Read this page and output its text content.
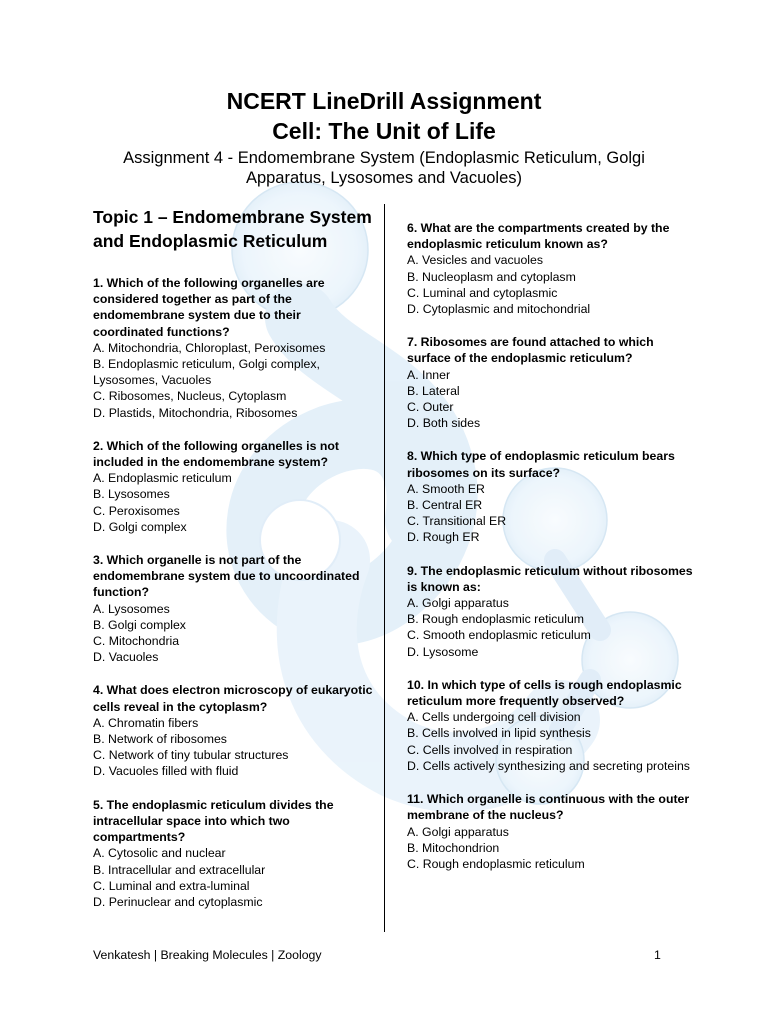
NCERT LineDrill Assignment
Cell: The Unit of Life
Assignment 4 - Endomembrane System (Endoplasmic Reticulum, Golgi Apparatus, Lysosomes and Vacuoles)
Topic 1 – Endomembrane System and Endoplasmic Reticulum
1. Which of the following organelles are considered together as part of the endomembrane system due to their coordinated functions?
A. Mitochondria, Chloroplast, Peroxisomes
B. Endoplasmic reticulum, Golgi complex, Lysosomes, Vacuoles
C. Ribosomes, Nucleus, Cytoplasm
D. Plastids, Mitochondria, Ribosomes
2. Which of the following organelles is not included in the endomembrane system?
A. Endoplasmic reticulum
B. Lysosomes
C. Peroxisomes
D. Golgi complex
3. Which organelle is not part of the endomembrane system due to uncoordinated function?
A. Lysosomes
B. Golgi complex
C. Mitochondria
D. Vacuoles
4. What does electron microscopy of eukaryotic cells reveal in the cytoplasm?
A. Chromatin fibers
B. Network of ribosomes
C. Network of tiny tubular structures
D. Vacuoles filled with fluid
5. The endoplasmic reticulum divides the intracellular space into which two compartments?
A. Cytosolic and nuclear
B. Intracellular and extracellular
C. Luminal and extra-luminal
D. Perinuclear and cytoplasmic
6. What are the compartments created by the endoplasmic reticulum known as?
A. Vesicles and vacuoles
B. Nucleoplasm and cytoplasm
C. Luminal and cytoplasmic
D. Cytoplasmic and mitochondrial
7. Ribosomes are found attached to which surface of the endoplasmic reticulum?
A. Inner
B. Lateral
C. Outer
D. Both sides
8. Which type of endoplasmic reticulum bears ribosomes on its surface?
A. Smooth ER
B. Central ER
C. Transitional ER
D. Rough ER
9. The endoplasmic reticulum without ribosomes is known as:
A. Golgi apparatus
B. Rough endoplasmic reticulum
C. Smooth endoplasmic reticulum
D. Lysosome
10. In which type of cells is rough endoplasmic reticulum more frequently observed?
A. Cells undergoing cell division
B. Cells involved in lipid synthesis
C. Cells involved in respiration
D. Cells actively synthesizing and secreting proteins
11. Which organelle is continuous with the outer membrane of the nucleus?
A. Golgi apparatus
B. Mitochondrion
C. Rough endoplasmic reticulum
Venkatesh | Breaking Molecules | Zoology	1
